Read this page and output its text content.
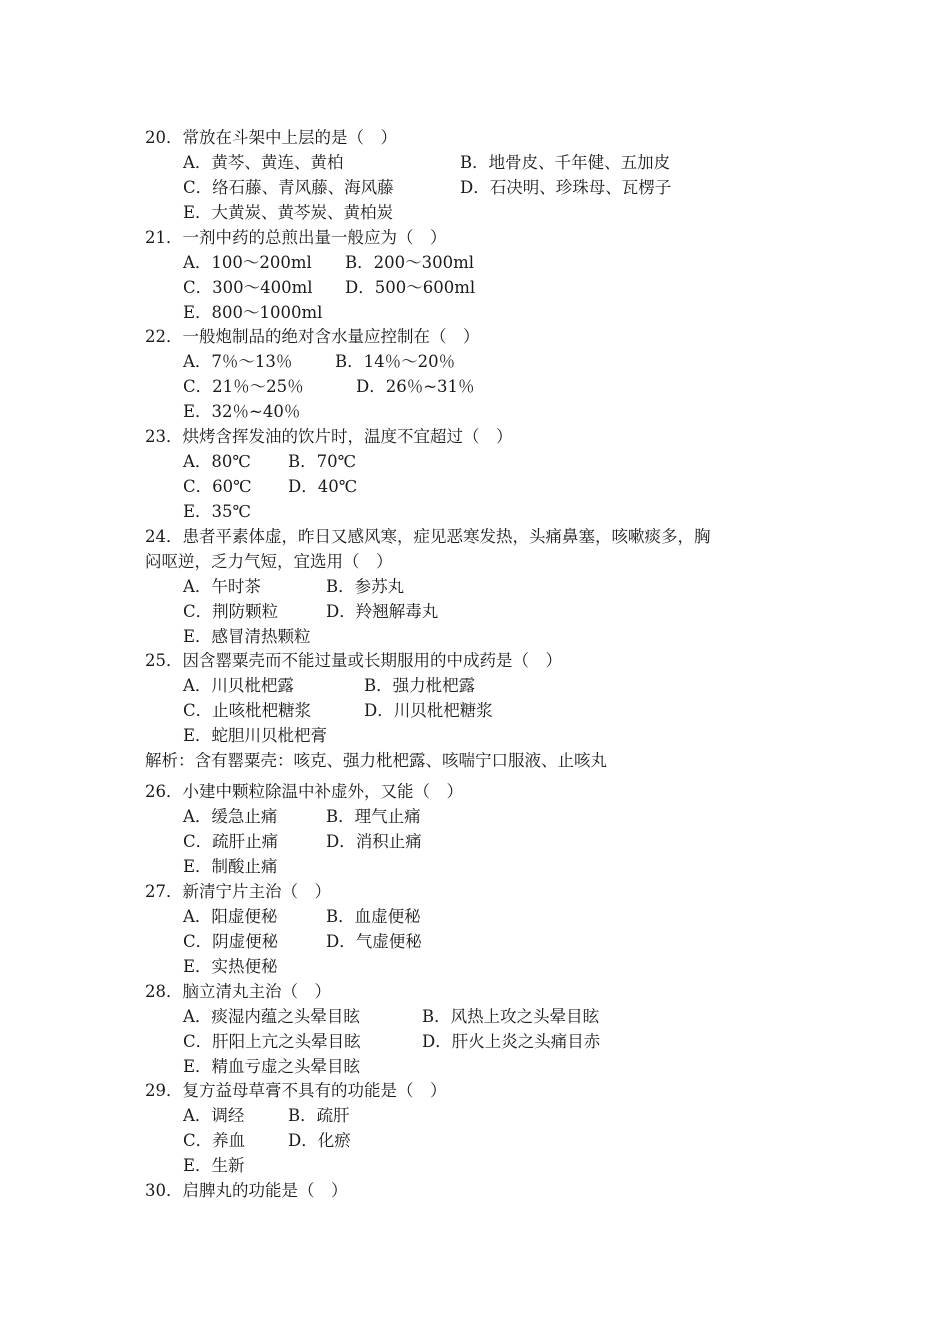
20．常放在斗架中上层的是（　）
A．黄芩、黄连、黄柏	B．地骨皮、千年健、五加皮
C．络石藤、青风藤、海风藤	D．石决明、珍珠母、瓦楞子
E．大黄炭、黄芩炭、黄柏炭
21．一剂中药的总煎出量一般应为（　）
A．100～200ml B．200～300ml
C．300～400ml D．500～600ml
E．800～1000ml
22．一般炮制品的绝对含水量应控制在（　）
A．7％～13％	B．14％～20％
C．21％～25％	D．26％~31％
E．32％~40％
23．烘烤含挥发油的饮片时，温度不宜超过（　）
A．80℃ B．70℃
C．60℃ D．40℃
E．35℃
24．患者平素体虚，昨日又感风寒，症见恶寒发热，头痛鼻塞，咳嗽痰多，胸
闷呕逆，乏力气短，宜选用（　）
A．午时茶	B．参苏丸
C．荆防颗粒	D．羚翘解毒丸
E．感冒清热颗粒
25．因含罂粟壳而不能过量或长期服用的中成药是（　）
A．川贝枇杷露	B．强力枇杷露
C．止咳枇杷糖浆	D．川贝枇杷糖浆
E．蛇胆川贝枇杷膏
解析：含有罂粟壳：咳克、强力枇杷露、咳喘宁口服液、止咳丸
26．小建中颗粒除温中补虚外，又能（　）
A．缓急止痛	B．理气止痛
C．疏肝止痛	D．消积止痛
E．制酸止痛
27．新清宁片主治（　）
A．阳虚便秘	B．血虚便秘
C．阴虚便秘	D．气虚便秘
E．实热便秘
28．脑立清丸主治（　）
A．痰湿内蕴之头晕目眩	B．风热上攻之头晕目眩
C．肝阳上亢之头晕目眩	D．肝火上炎之头痛目赤
E．精血亏虚之头晕目眩
29．复方益母草膏不具有的功能是（　）
A．调经	B．疏肝
C．养血	D．化瘀
E．生新
30．启脾丸的功能是（　）
